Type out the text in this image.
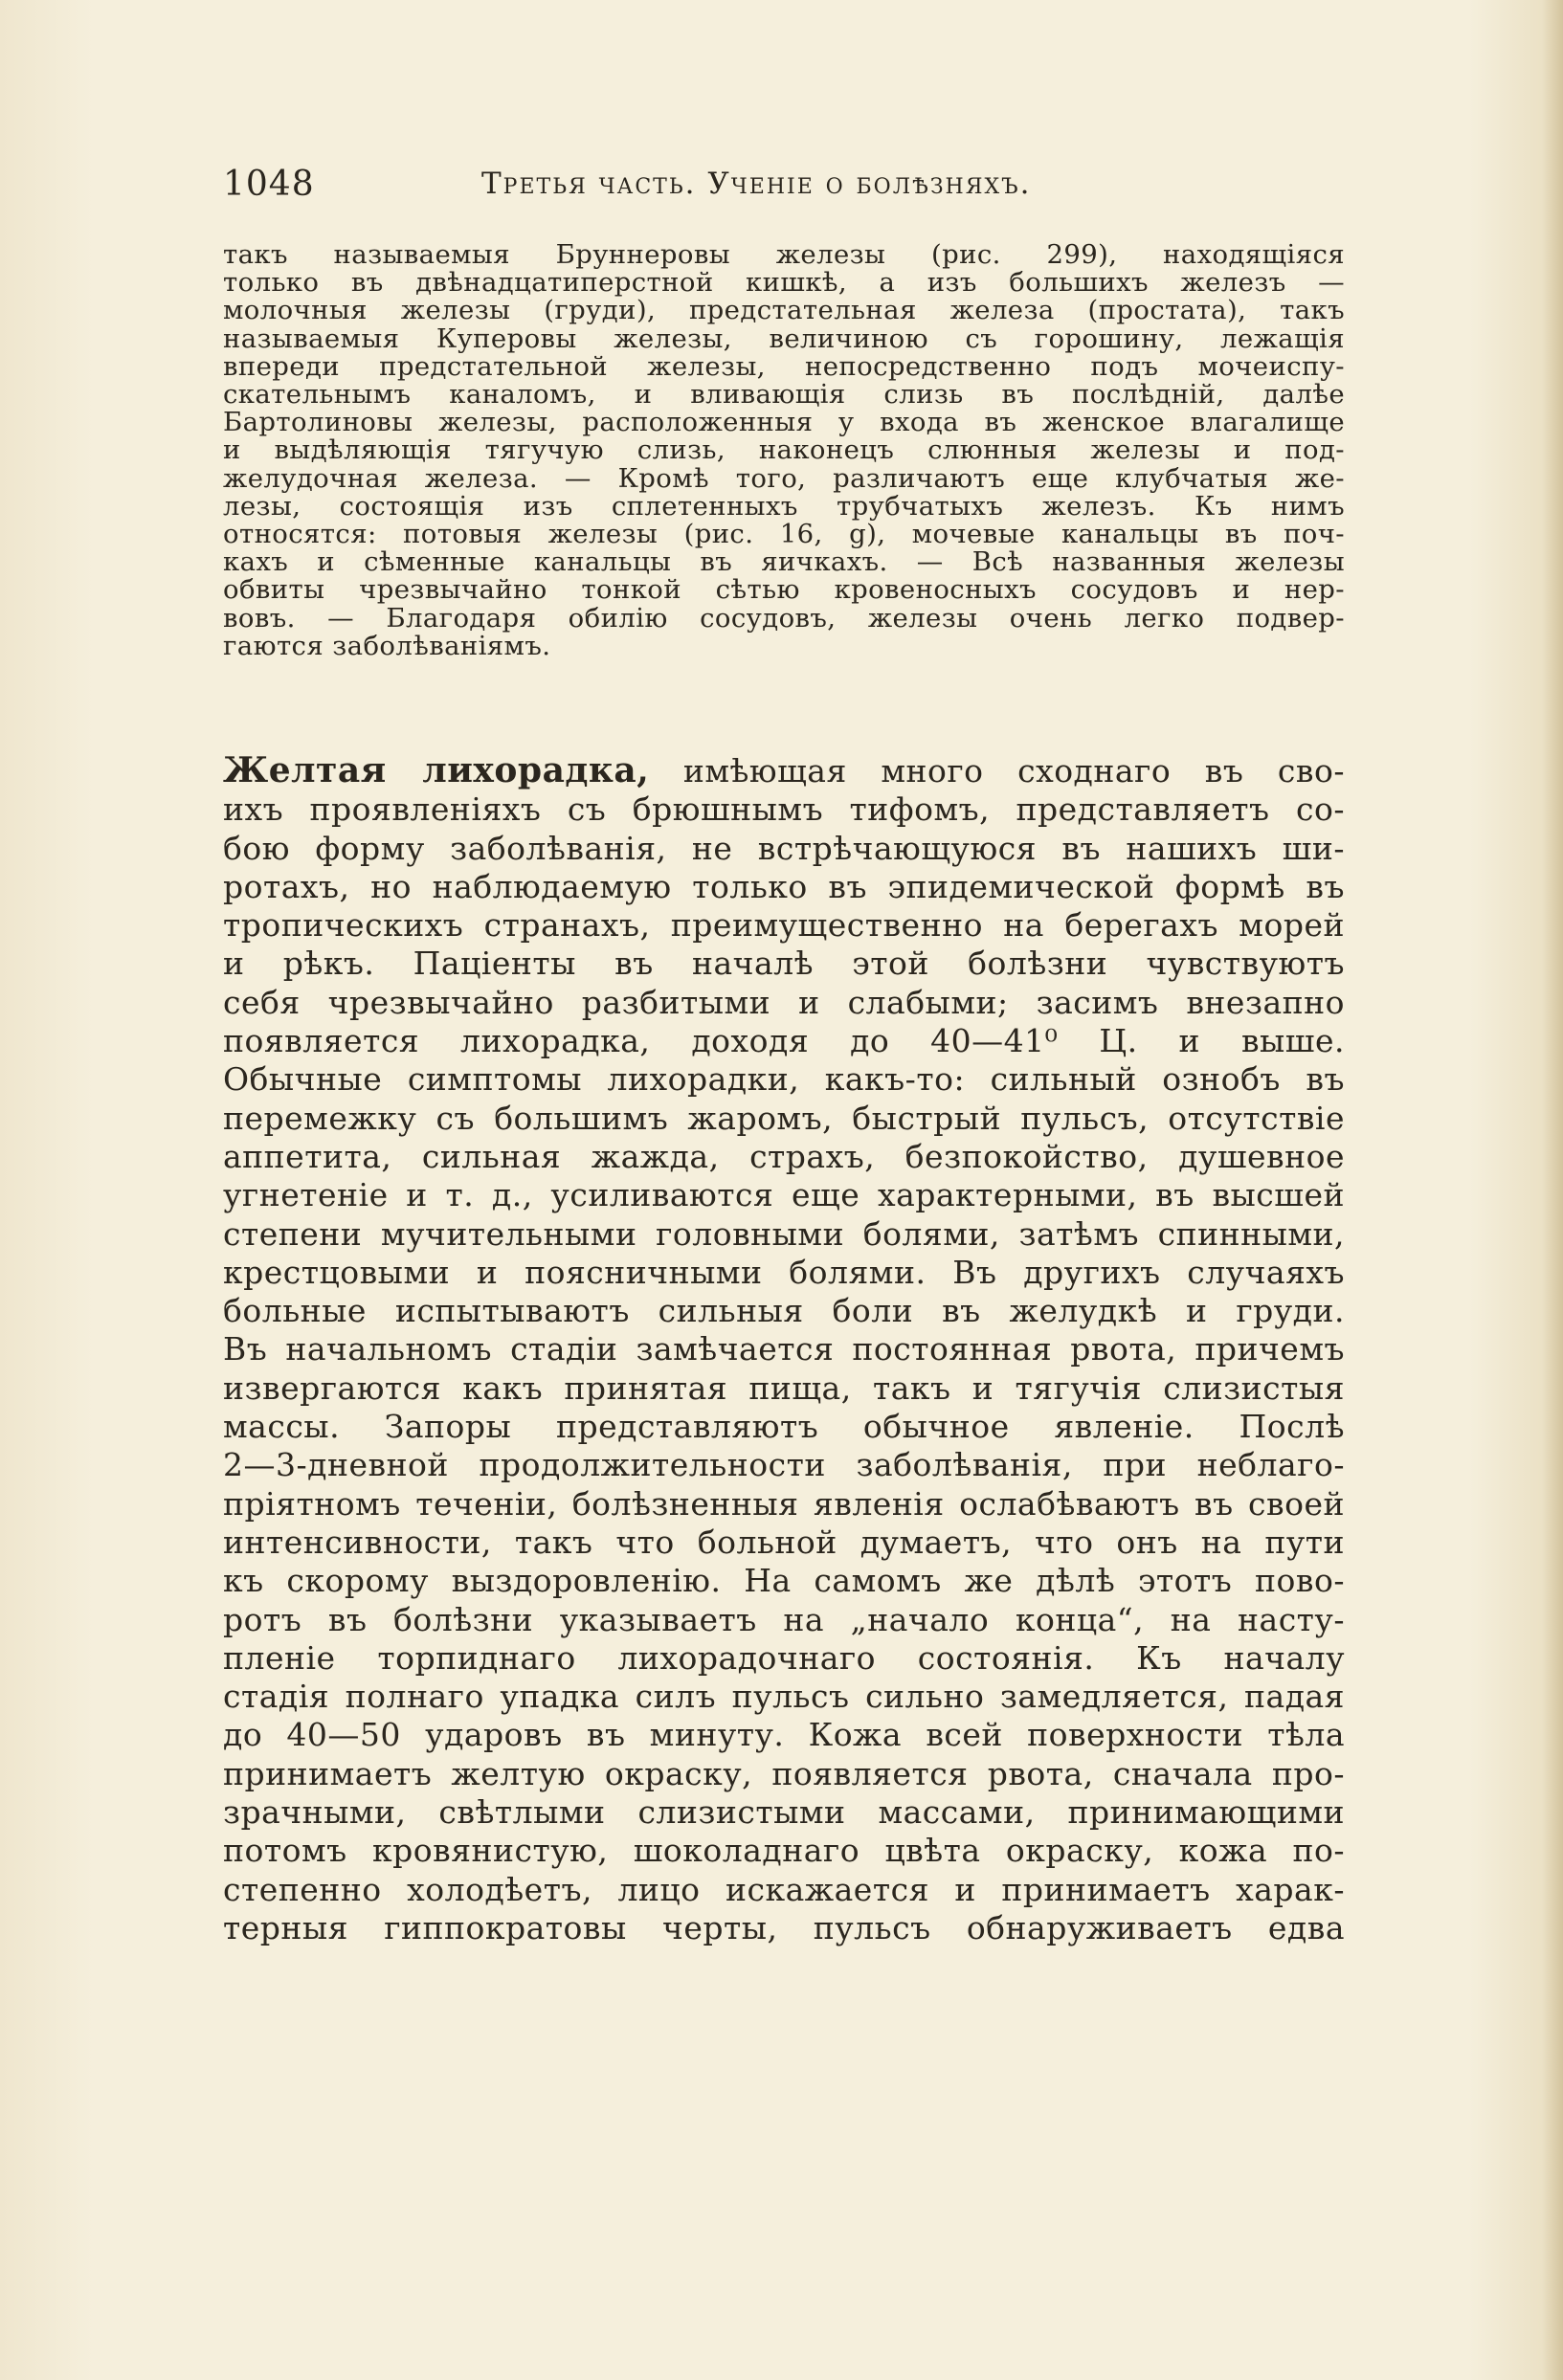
1048	Третья часть. Ученіе о болѣзняхъ.
такъ называемыя Бруннеровы железы (рис. 299), находящіяся
только въ двѣнадцатиперстной кишкѣ, а изъ большихъ железъ —
молочныя железы (груди), предстательная железа (простата), такъ
называемыя Куперовы железы, величиною съ горошину, лежащія
впереди предстательной железы, непосредственно подъ мочеиспу-
скательнымъ каналомъ, и вливающія слизь въ послѣдній, далѣе
Бартолиновы железы, расположенныя у входа въ женское влагалище
и выдѣляющія тягучую слизь, наконецъ слюнныя железы и под-
желудочная железа. — Кромѣ того, различаютъ еще клубчатыя же-
лезы, состоящія изъ сплетенныхъ трубчатыхъ железъ. Къ нимъ
относятся: потовыя железы (рис. 16, g), мочевые канальцы въ поч-
кахъ и сѣменные канальцы въ яичкахъ. — Всѣ названныя железы
обвиты чрезвычайно тонкой сѣтью кровеносныхъ сосудовъ и нер-
вовъ. — Благодаря обилію сосудовъ, железы очень легко подвер-
гаются заболѣваніямъ.
Желтая лихорадка, имѣющая много сходнаго въ сво-
ихъ проявленіяхъ съ брюшнымъ тифомъ, представляетъ со-
бою форму заболѣванія, не встрѣчающуюся въ нашихъ ши-
ротахъ, но наблюдаемую только въ эпидемической формѣ въ
тропическихъ странахъ, преимущественно на берегахъ морей
и рѣкъ. Паціенты въ началѣ этой болѣзни чувствуютъ
себя чрезвычайно разбитыми и слабыми; засимъ внезапно
появляется лихорадка, доходя до 40—41⁰ Ц. и выше.
Обычные симптомы лихорадки, какъ-то: сильный ознобъ въ
перемежку съ большимъ жаромъ, быстрый пульсъ, отсутствіе
аппетита, сильная жажда, страхъ, безпокойство, душевное
угнетеніе и т. д., усиливаются еще характерными, въ высшей
степени мучительными головными болями, затѣмъ спинными,
крестцовыми и поясничными болями. Въ другихъ случаяхъ
больные испытываютъ сильныя боли въ желудкѣ и груди.
Въ начальномъ стадіи замѣчается постоянная рвота, причемъ
извергаются какъ принятая пища, такъ и тягучія слизистыя
массы. Запоры представляютъ обычное явленіе. Послѣ
2—3-дневной продолжительности заболѣванія, при неблаго-
пріятномъ теченіи, болѣзненныя явленія ослабѣваютъ въ своей
интенсивности, такъ что больной думаетъ, что онъ на пути
къ скорому выздоровленію. На самомъ же дѣлѣ этотъ пово-
ротъ въ болѣзни указываетъ на „начало конца“, на насту-
пленіе торпиднаго лихорадочнаго состоянія. Къ началу
стадія полнаго упадка силъ пульсъ сильно замедляется, падая
до 40—50 ударовъ въ минуту. Кожа всей поверхности тѣла
принимаетъ желтую окраску, появляется рвота, сначала про-
зрачными, свѣтлыми слизистыми массами, принимающими
потомъ кровянистую, шоколаднаго цвѣта окраску, кожа по-
степенно холодѣетъ, лицо искажается и принимаетъ харак-
терныя гиппократовы черты, пульсъ обнаруживаетъ едва
